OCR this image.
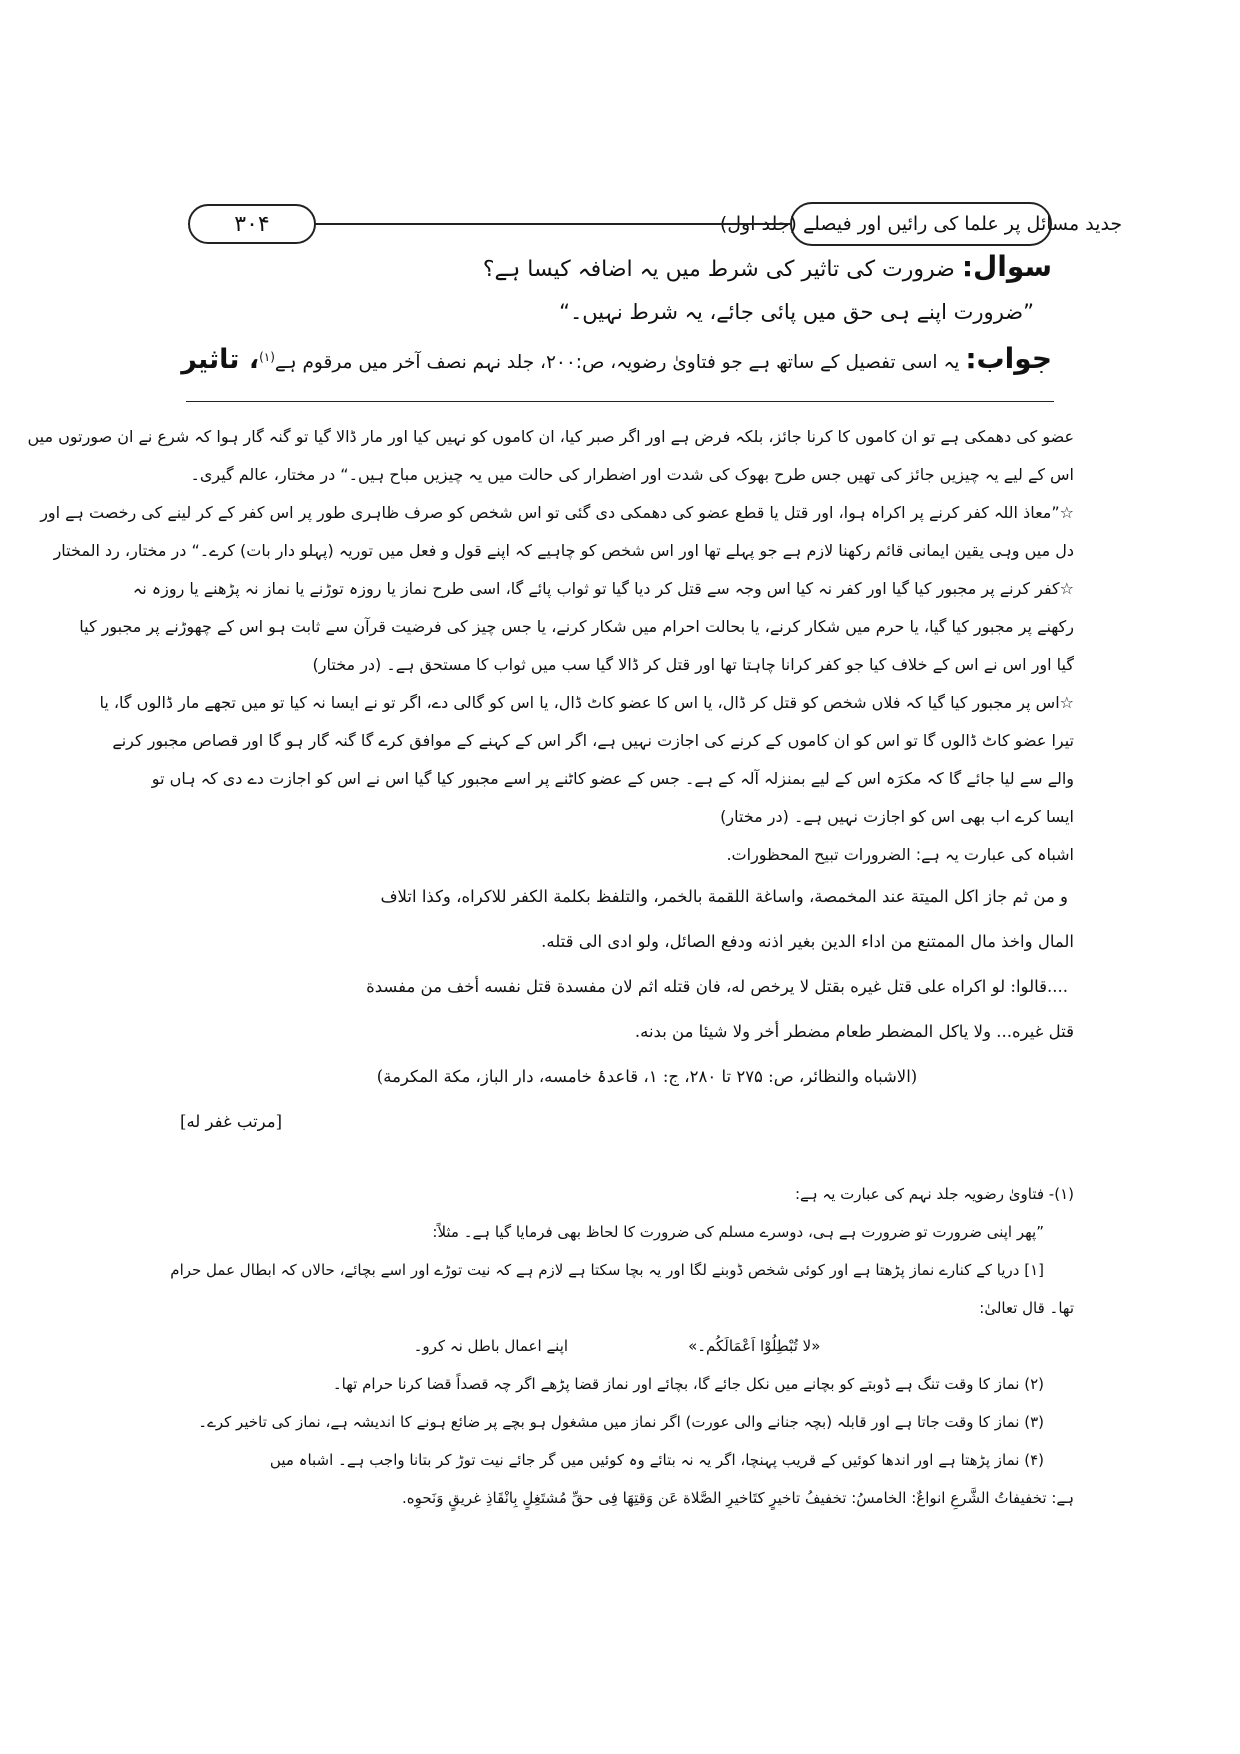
جدید مسائل پر علما کی رائیں اور فیصلے (جلد اول)
۳۰۴
سوال: ضرورت کی تاثیر کی شرط میں یہ اضافہ کیسا ہے؟
”ضرورت اپنے ہی حق میں پائی جائے، یہ شرط نہیں۔“
جواب: یہ اسی تفصیل کے ساتھ ہے جو فتاویٰ رضویہ، ص:۲۰۰، جلد نہم نصف آخر میں مرقوم ہے$^{(۱)}$، تاثیر
عضو کی دھمکی ہے تو ان کاموں کا کرنا جائز، بلکہ فرض ہے اور اگر صبر کیا، ان کاموں کو نہیں کیا اور مار ڈالا گیا تو گنہ گار ہوا کہ شرع نے ان صورتوں میں
اس کے لیے یہ چیزیں جائز کی تھیں جس طرح بھوک کی شدت اور اضطرار کی حالت میں یہ چیزیں مباح ہیں۔“ در مختار، عالم گیری۔
☆”معاذ اللہ کفر کرنے پر اکراہ ہوا، اور قتل یا قطع عضو کی دھمکی دی گئی تو اس شخص کو صرف ظاہری طور پر اس کفر کے کر لینے کی رخصت ہے اور
دل میں وہی یقین ایمانی قائم رکھنا لازم ہے جو پہلے تھا اور اس شخص کو چاہیے کہ اپنے قول و فعل میں توریہ (پہلو دار بات) کرے۔“ در مختار، رد المختار
☆کفر کرنے پر مجبور کیا گیا اور کفر نہ کیا اس وجہ سے قتل کر دیا گیا تو ثواب پائے گا، اسی طرح نماز یا روزہ توڑنے یا نماز نہ پڑھنے یا روزہ نہ
رکھنے پر مجبور کیا گیا، یا حرم میں شکار کرنے، یا بحالت احرام میں شکار کرنے، یا جس چیز کی فرضیت قرآن سے ثابت ہو اس کے چھوڑنے پر مجبور کیا
گیا اور اس نے اس کے خلاف کیا جو کفر کرانا چاہتا تھا اور قتل کر ڈالا گیا سب میں ثواب کا مستحق ہے۔ (در مختار)
☆اس پر مجبور کیا گیا کہ فلاں شخص کو قتل کر ڈال، یا اس کا عضو کاٹ ڈال، یا اس کو گالی دے، اگر تو نے ایسا نہ کیا تو میں تجھے مار ڈالوں گا، یا
تیرا عضو کاٹ ڈالوں گا تو اس کو ان کاموں کے کرنے کی اجازت نہیں ہے، اگر اس کے کہنے کے موافق کرے گا گنہ گار ہو گا اور قصاص مجبور کرنے
والے سے لیا جائے گا کہ مکرَہ اس کے لیے بمنزلہ آلہ کے ہے۔ جس کے عضو کاٹنے پر اسے مجبور کیا گیا اس نے اس کو اجازت دے دی کہ ہاں تو
ایسا کرے اب بھی اس کو اجازت نہیں ہے۔ (در مختار)
اشباہ کی عبارت یہ ہے: الضرورات تبیح المحظورات.
و من ثم جاز اكل الميتة عند المخمصة، واساغة اللقمة بالخمر، والتلفظ بكلمة الكفر للاكراه، وكذا اتلاف
المال واخذ مال الممتنع من اداء الدين بغير اذنه ودفع الصائل، ولو ادى الى قتله.
....قالوا: لو اكراه على قتل غيره بقتل لا يرخص له، فان قتله اثم لان مفسدة قتل نفسه أخف من مفسدة
قتل غيره... ولا ياكل المضطر طعام مضطر أخر ولا شيئا من بدنه.
(الاشباه والنظائر، ص: ۲۷۵ تا ۲۸۰، ج: ۱، قاعدۂ خامسه، دار الباز، مكة المكرمة)
[مرتب غفر له]
(۱)- فتاویٰ رضویہ جلد نہم کی عبارت یہ ہے:
”پھر اپنی ضرورت تو ضرورت ہے ہی، دوسرے مسلم کی ضرورت کا لحاظ بھی فرمایا گیا ہے۔ مثلاً:
[۱] دریا کے کنارے نماز پڑھتا ہے اور کوئی شخص ڈوبنے لگا اور یہ بچا سکتا ہے لازم ہے کہ نیت توڑے اور اسے بچائے، حالاں کہ ابطال عمل حرام
تھا۔ قال تعالیٰ:
«لا تُبْطِلُوْا اَعْمَالَكُم۔»
اپنے اعمال باطل نہ کرو۔
(۲) نماز کا وقت تنگ ہے ڈوبتے کو بچانے میں نکل جائے گا، بچائے اور نماز قضا پڑھے اگر چہ قصداً قضا کرنا حرام تھا۔
(۳) نماز کا وقت جاتا ہے اور قابلہ (بچہ جنانے والی عورت) اگر نماز میں مشغول ہو بچے پر ضائع ہونے کا اندیشہ ہے، نماز کی تاخیر کرے۔
(۴) نماز پڑھتا ہے اور اندھا کوئیں کے قریب پہنچا، اگر یہ نہ بتائے وہ کوئیں میں گر جائے نیت توڑ کر بتانا واجب ہے۔ اشباہ میں
ہے: تخفیفاتُ الشَّرعِ انواعٌ: الخامسُ: تخفیفُ تاخیرٍ كتَاخیرِ الصَّلاة عَن وَقتِهَا فِی حقِّ مُشتَغِلٍ بِانْقَاذِ غریقٍ وَنَحوِه.
